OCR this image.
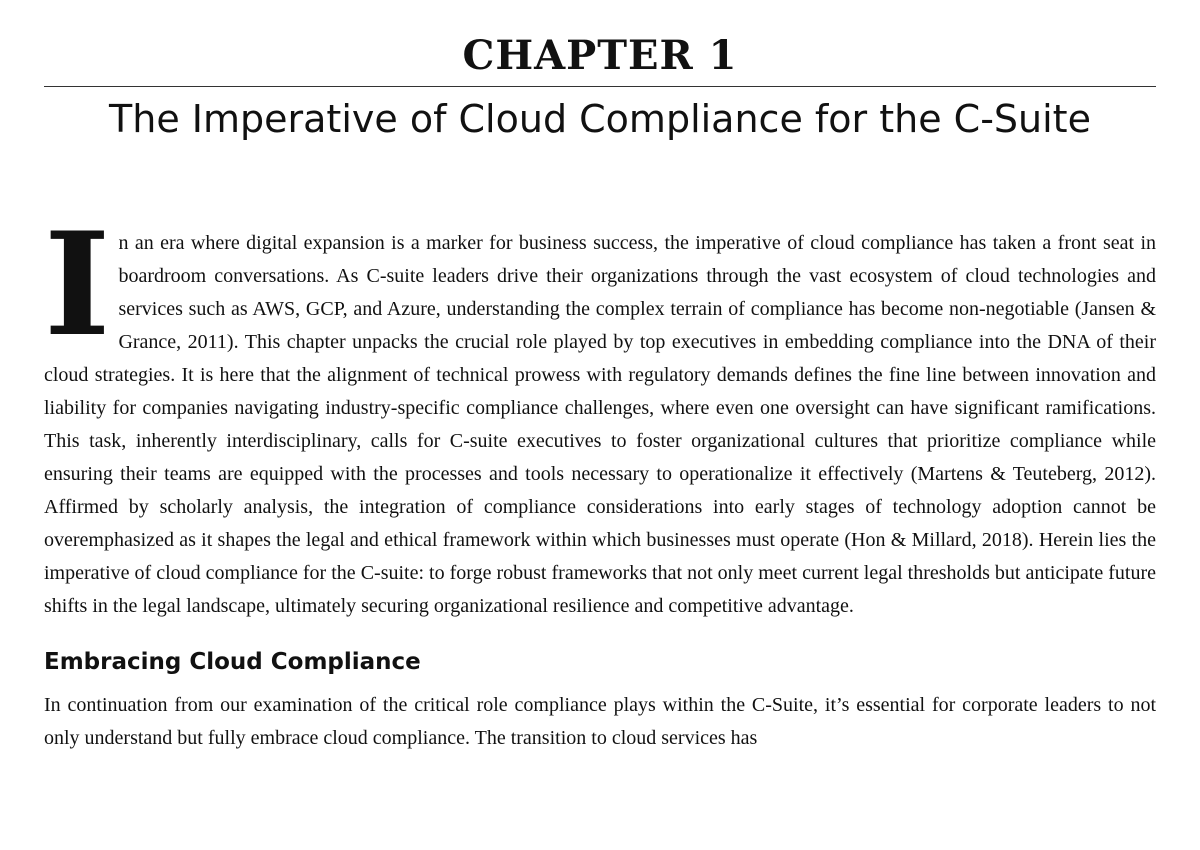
CHAPTER 1
The Imperative of Cloud Compliance for the C-Suite

In an era where digital expansion is a marker for business success, the imperative of cloud compliance has taken a front seat in boardroom conversations. As C-suite leaders drive their organizations through the vast ecosystem of cloud technologies and services such as AWS, GCP, and Azure, understanding the complex terrain of compliance has become non-negotiable (Jansen & Grance, 2011). This chapter unpacks the crucial role played by top executives in embedding compliance into the DNA of their cloud strategies. It is here that the alignment of technical prowess with regulatory demands defines the fine line between innovation and liability for companies navigating industry-specific compliance challenges, where even one oversight can have significant ramifications. This task, inherently interdisciplinary, calls for C-suite executives to foster organizational cultures that prioritize compliance while ensuring their teams are equipped with the processes and tools necessary to operationalize it effectively (Martens & Teuteberg, 2012). Affirmed by scholarly analysis, the integration of compliance considerations into early stages of technology adoption cannot be overemphasized as it shapes the legal and ethical framework within which businesses must operate (Hon & Millard, 2018). Herein lies the imperative of cloud compliance for the C-suite: to forge robust frameworks that not only meet current legal thresholds but anticipate future shifts in the legal landscape, ultimately securing organizational resilience and competitive advantage.

Embracing Cloud Compliance

In continuation from our examination of the critical role compliance plays within the C-Suite, it’s essential for corporate leaders to not only understand but fully embrace cloud compliance. The transition to cloud services has
